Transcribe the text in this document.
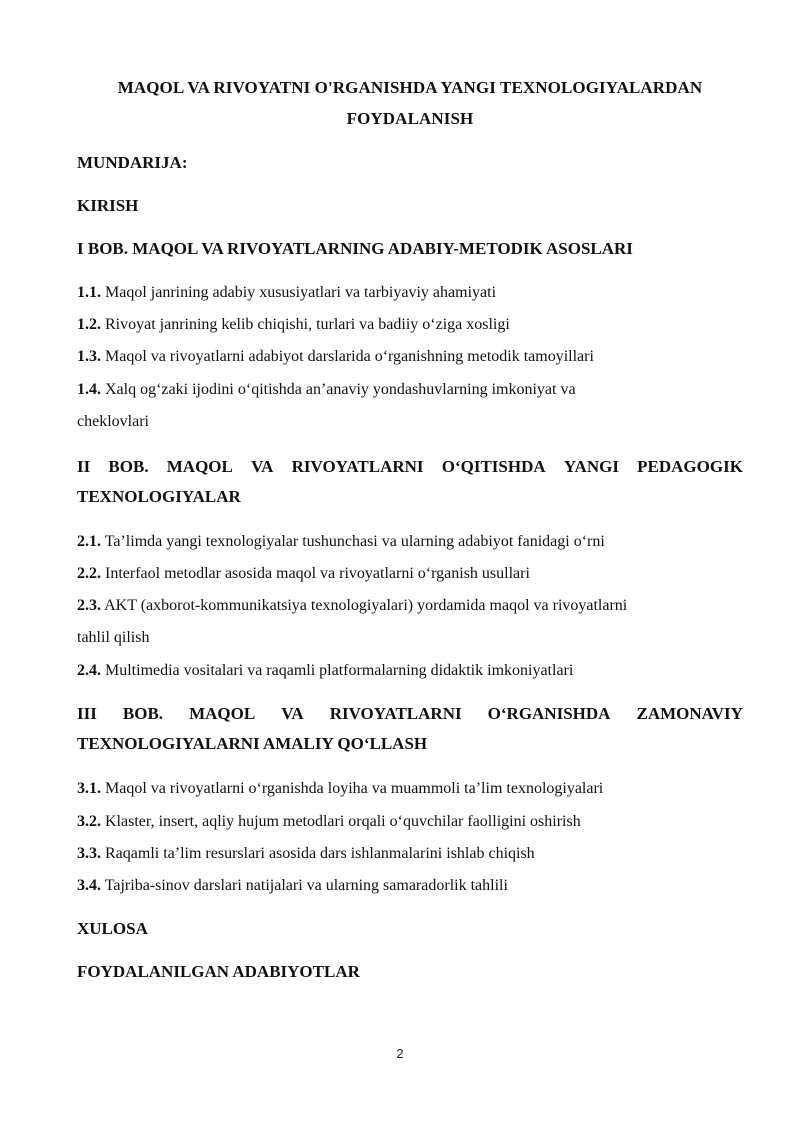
MAQOL VA RIVOYATNI O'RGANISHDA YANGI TEXNOLOGIYALARDAN
FOYDALANISH
MUNDARIJA:
KIRISH
I BOB. MAQOL VA RIVOYATLARNING ADABIY-METODIK ASOSLARI
1.1. Maqol janrining adabiy xususiyatlari va tarbiyaviy ahamiyati
1.2. Rivoyat janrining kelib chiqishi, turlari va badiiy o‘ziga xosligi
1.3. Maqol va rivoyatlarni adabiyot darslarida o‘rganishning metodik tamoyillari
1.4. Xalq og‘zaki ijodini o‘qitishda an’anaviy yondashuvlarning imkoniyat va
cheklovlari
II BOB. MAQOL VA RIVOYATLARNI O‘QITISHDA YANGI PEDAGOGIK
TEXNOLOGIYALAR
2.1. Ta’limda yangi texnologiyalar tushunchasi va ularning adabiyot fanidagi o‘rni
2.2. Interfaol metodlar asosida maqol va rivoyatlarni o‘rganish usullari
2.3. AKT (axborot-kommunikatsiya texnologiyalari) yordamida maqol va rivoyatlarni
tahlil qilish
2.4. Multimedia vositalari va raqamli platformalarning didaktik imkoniyatlari
III BOB. MAQOL VA RIVOYATLARNI O‘RGANISHDA ZAMONAVIY
TEXNOLOGIYALARNI AMALIY QO‘LLASH
3.1. Maqol va rivoyatlarni o‘rganishda loyiha va muammoli ta’lim texnologiyalari
3.2. Klaster, insert, aqliy hujum metodlari orqali o‘quvchilar faolligini oshirish
3.3. Raqamli ta’lim resurslari asosida dars ishlanmalarini ishlab chiqish
3.4. Tajriba-sinov darslari natijalari va ularning samaradorlik tahlili
XULOSA
FOYDALANILGAN ADABIYOTLAR
2
